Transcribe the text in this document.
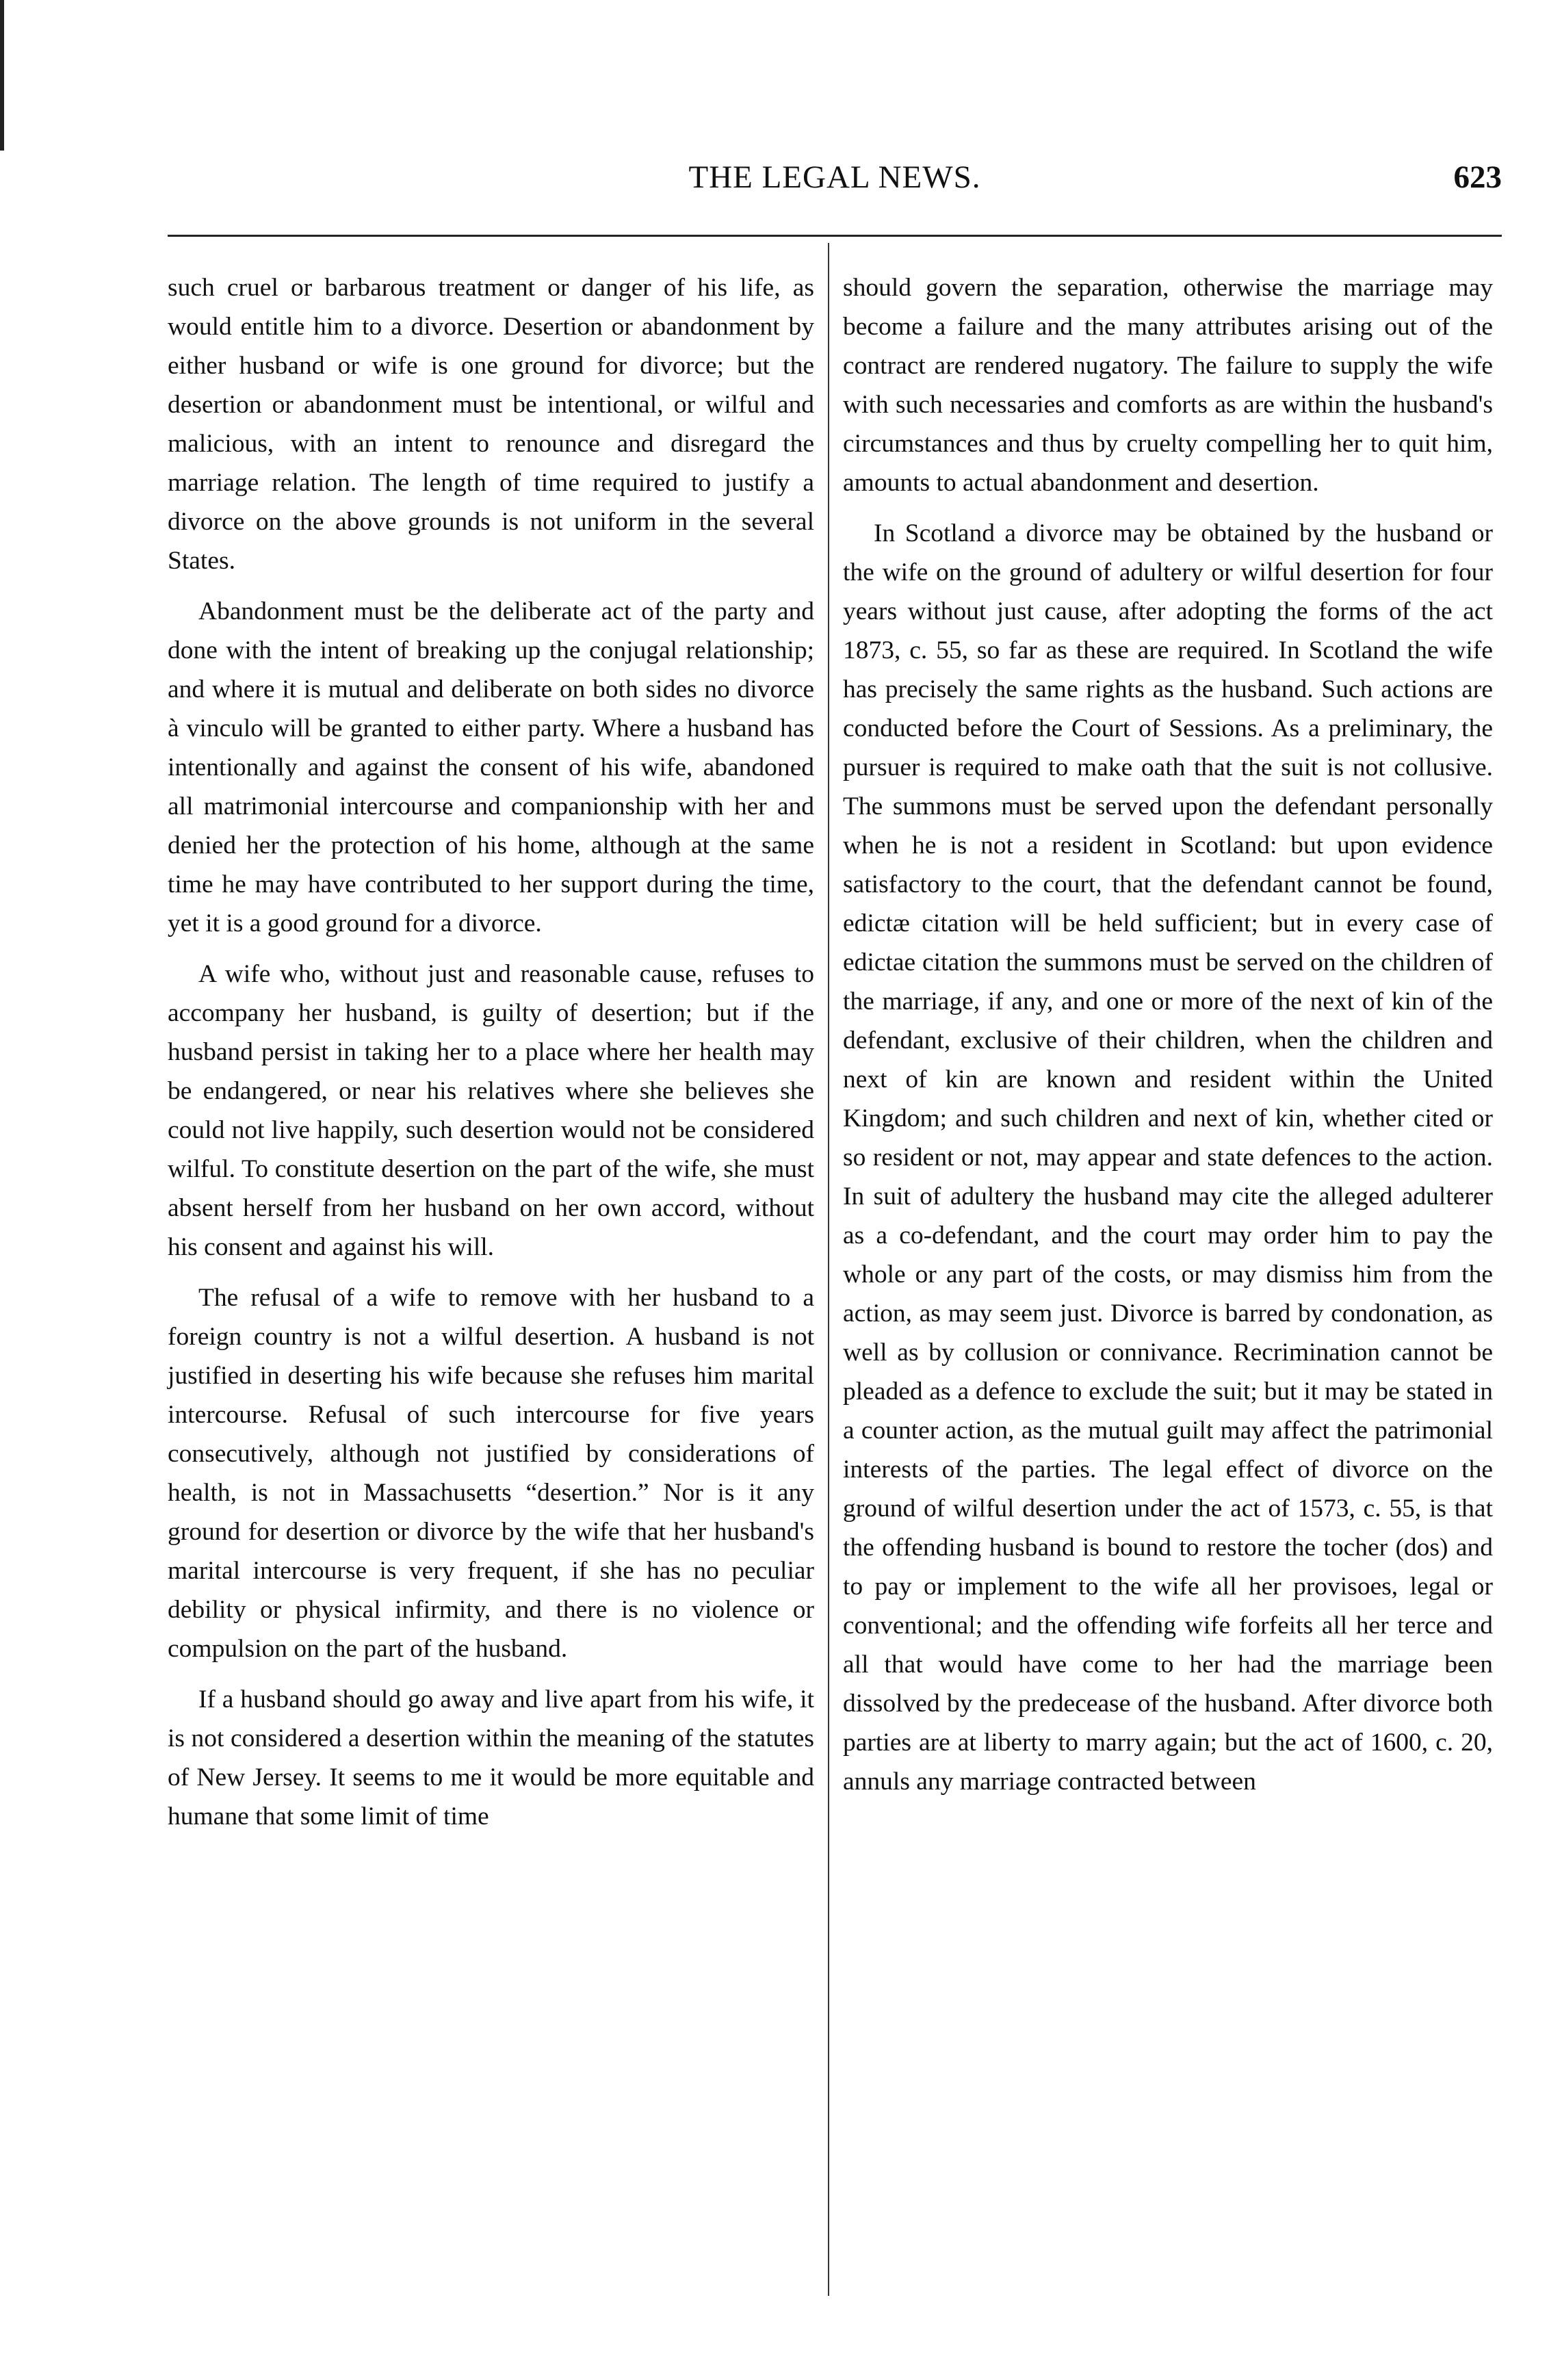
THE LEGAL NEWS.	623

such cruel or barbarous treatment or danger of his life, as would entitle him to a divorce. Desertion or abandonment by either husband or wife is one ground for divorce; but the desertion or abandonment must be intentional, or wilful and malicious, with an intent to renounce and disregard the marriage relation. The length of time required to justify a divorce on the above grounds is not uniform in the several States.

Abandonment must be the deliberate act of the party and done with the intent of breaking up the conjugal relationship; and where it is mutual and deliberate on both sides no divorce à vinculo will be granted to either party. Where a husband has intentionally and against the consent of his wife, abandoned all matrimonial intercourse and companionship with her and denied her the protection of his home, although at the same time he may have contributed to her support during the time, yet it is a good ground for a divorce.

A wife who, without just and reasonable cause, refuses to accompany her husband, is guilty of desertion; but if the husband persist in taking her to a place where her health may be endangered, or near his relatives where she believes she could not live happily, such desertion would not be considered wilful. To constitute desertion on the part of the wife, she must absent herself from her husband on her own accord, without his consent and against his will.

The refusal of a wife to remove with her husband to a foreign country is not a wilful desertion. A husband is not justified in deserting his wife because she refuses him marital intercourse. Refusal of such intercourse for five years consecutively, although not justified by considerations of health, is not in Massachusetts “desertion.” Nor is it any ground for desertion or divorce by the wife that her husband's marital intercourse is very frequent, if she has no peculiar debility or physical infirmity, and there is no violence or compulsion on the part of the husband.

If a husband should go away and live apart from his wife, it is not considered a desertion within the meaning of the statutes of New Jersey. It seems to me it would be more equitable and humane that some limit of time

should govern the separation, otherwise the marriage may become a failure and the many attributes arising out of the contract are rendered nugatory. The failure to supply the wife with such necessaries and comforts as are within the husband's circumstances and thus by cruelty compelling her to quit him, amounts to actual abandonment and desertion.

In Scotland a divorce may be obtained by the husband or the wife on the ground of adultery or wilful desertion for four years without just cause, after adopting the forms of the act 1873, c. 55, so far as these are required. In Scotland the wife has precisely the same rights as the husband. Such actions are conducted before the Court of Sessions. As a preliminary, the pursuer is required to make oath that the suit is not collusive. The summons must be served upon the defendant personally when he is not a resident in Scotland: but upon evidence satisfactory to the court, that the defendant cannot be found, edictæ citation will be held sufficient; but in every case of edictae citation the summons must be served on the children of the marriage, if any, and one or more of the next of kin of the defendant, exclusive of their children, when the children and next of kin are known and resident within the United Kingdom; and such children and next of kin, whether cited or so resident or not, may appear and state defences to the action. In suit of adultery the husband may cite the alleged adulterer as a co-defendant, and the court may order him to pay the whole or any part of the costs, or may dismiss him from the action, as may seem just. Divorce is barred by condonation, as well as by collusion or connivance. Recrimination cannot be pleaded as a defence to exclude the suit; but it may be stated in a counter action, as the mutual guilt may affect the patrimonial interests of the parties. The legal effect of divorce on the ground of wilful desertion under the act of 1573, c. 55, is that the offending husband is bound to restore the tocher (dos) and to pay or implement to the wife all her provisoes, legal or conventional; and the offending wife forfeits all her terce and all that would have come to her had the marriage been dissolved by the predecease of the husband. After divorce both parties are at liberty to marry again; but the act of 1600, c. 20, annuls any marriage contracted between
